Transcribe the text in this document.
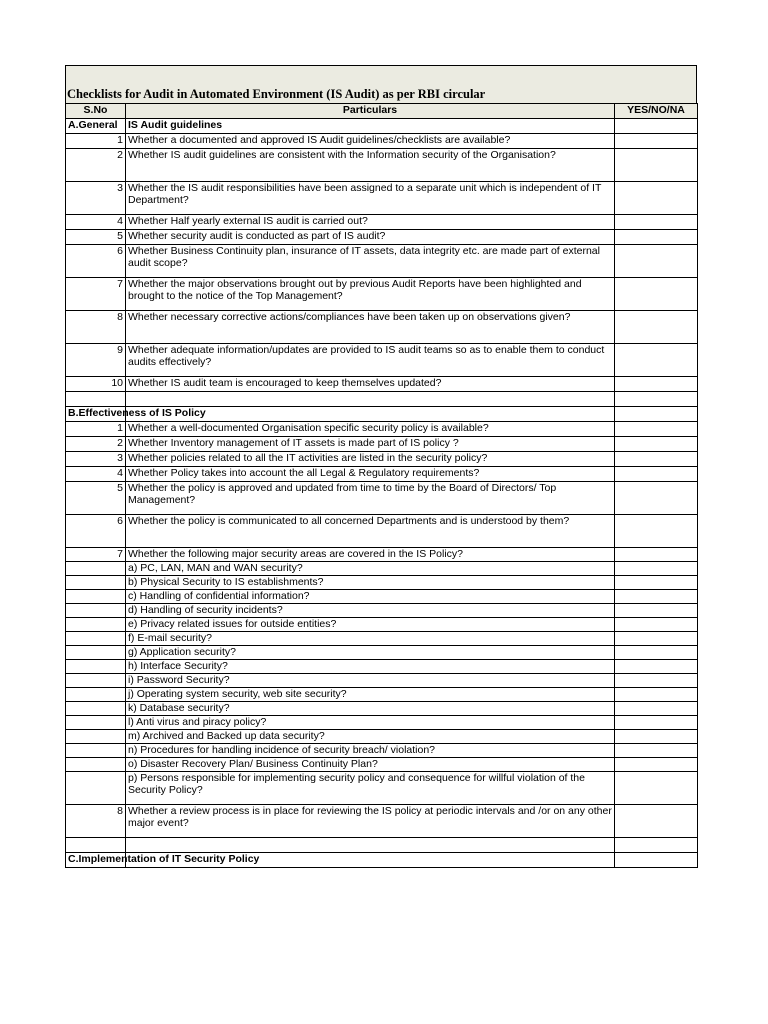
Checklists for Audit in Automated Environment (IS Audit) as per RBI circular
S.No	Particulars	YES/NO/NA
A.General	IS Audit guidelines	
1	Whether a documented and approved IS Audit guidelines/checklists are available?	
2	Whether IS audit guidelines are consistent with the Information security of the Organisation?	
3	Whether the IS audit responsibilities have been assigned to a separate unit which is independent of IT Department?	
4	Whether Half yearly external IS audit is carried out?	
5	Whether security audit is conducted as part of IS audit?	
6	Whether Business Continuity plan, insurance of IT assets, data integrity etc. are made part of external audit scope?	
7	Whether the major observations brought out by previous Audit Reports have been highlighted and brought to the notice of the Top Management?	
8	Whether necessary corrective actions/compliances have been taken up on observations given?	
9	Whether adequate information/updates are provided to IS audit teams so as to enable them to conduct audits effectively?	
10	Whether IS audit team is encouraged to keep themselves updated?	

B.Effectiveness of IS Policy		

1	Whether a well-documented Organisation specific security policy is available?	
2	Whether Inventory management of IT assets is made part of IS policy ?	
3	Whether policies related to all the IT activities are listed in the security policy?	
4	Whether Policy takes into account the all Legal & Regulatory requirements?	
5	Whether the policy is approved and updated from time to time by the Board of Directors/ Top Management?	
6	Whether the policy is communicated to all concerned Departments and is understood by them?	
7	Whether the following major security areas are covered in the IS Policy?	
	a) PC, LAN, MAN and WAN security?	
	b) Physical Security to IS establishments?	
	c) Handling of confidential information?	
	d) Handling of security incidents?	
	e) Privacy related issues for outside entities?	
	f) E-mail security?	
	g) Application security?	
	h) Interface Security?	
	i) Password Security?	
	j) Operating system security, web site security?	
	k) Database security?	
	l) Anti virus and piracy policy?	
	m) Archived and Backed up data security?	
	n) Procedures for handling incidence of security breach/ violation?	
	o) Disaster Recovery Plan/ Business Continuity Plan?	
	p) Persons responsible for implementing security policy and consequence for willful violation of the Security Policy?	
8	Whether a review process is in place for reviewing the IS policy at periodic intervals and /or on any other major event?	

C.Implementation of IT Security Policy		
